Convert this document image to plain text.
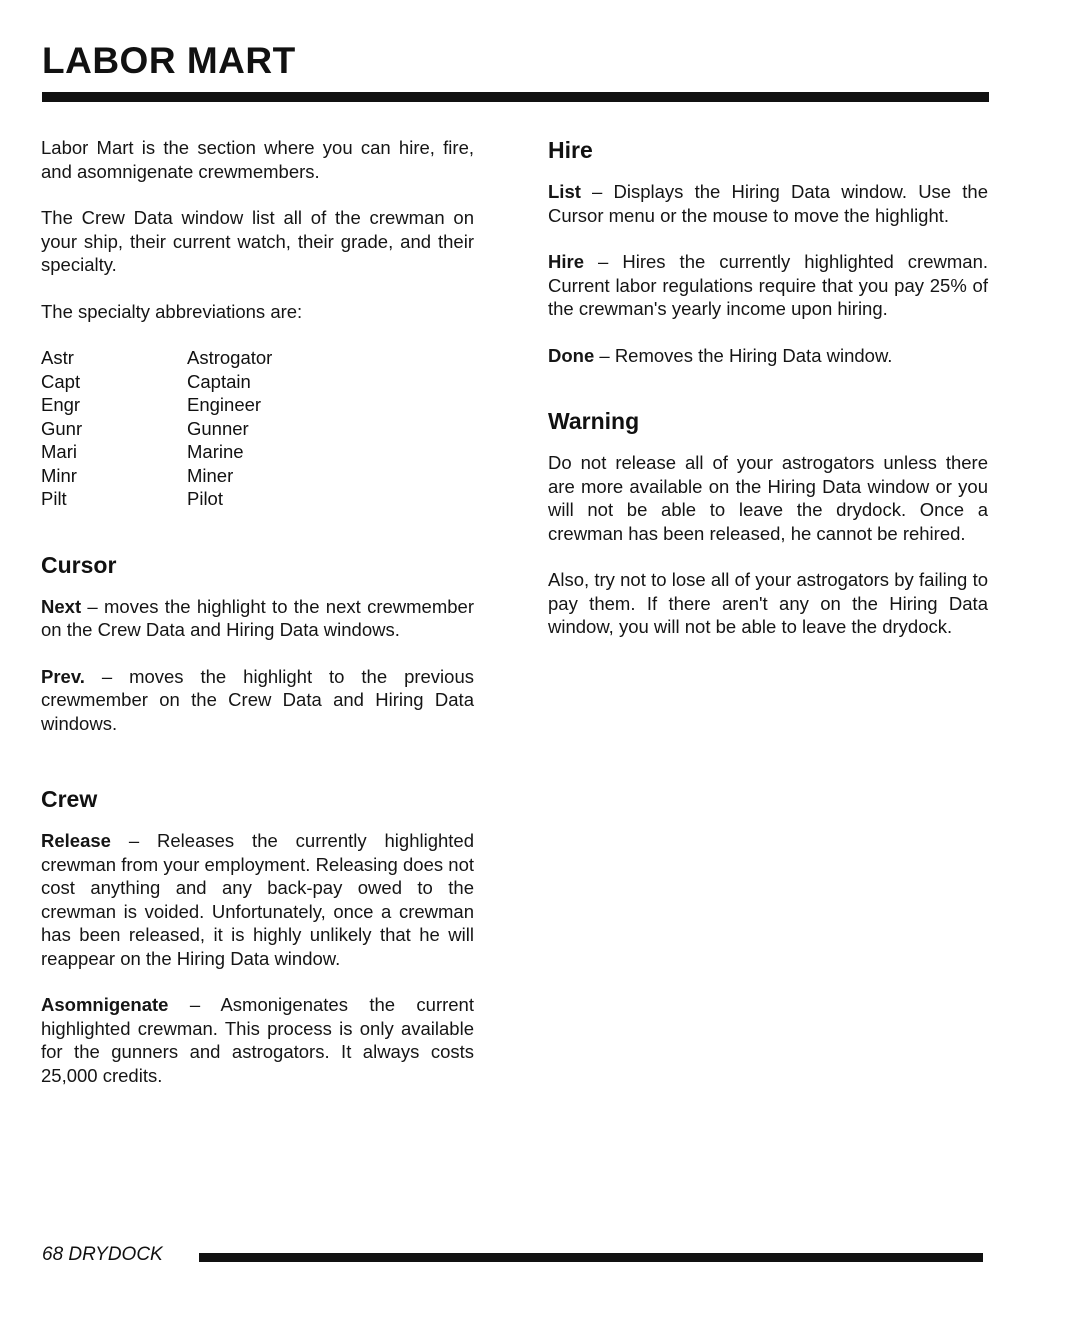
LABOR MART

Labor Mart is the section where you can hire, fire, and asomnigenate crewmembers.

The Crew Data window list all of the crewman on your ship, their current watch, their grade, and their specialty.

The specialty abbreviations are:

Astr	Astrogator
Capt	Captain
Engr	Engineer
Gunr	Gunner
Mari	Marine
Minr	Miner
Pilt	Pilot
Cursor

Next – moves the highlight to the next crewmember on the Crew Data and Hiring Data windows.

Prev. – moves the highlight to the previous crewmember on the Crew Data and Hiring Data windows.

Crew

Release – Releases the currently highlighted crewman from your employment. Releasing does not cost anything and any back-pay owed to the crewman is voided. Unfortunately, once a crewman has been released, it is highly unlikely that he will reappear on the Hiring Data window.

Asomnigenate – Asmonigenates the current highlighted crewman. This process is only available for the gunners and astrogators. It always costs 25,000 credits.

Hire

List – Displays the Hiring Data window. Use the Cursor menu or the mouse to move the highlight.

Hire – Hires the currently highlighted crewman. Current labor regulations require that you pay 25% of the crewman's yearly income upon hiring.

Done – Removes the Hiring Data window.

Warning

Do not release all of your astrogators unless there are more available on the Hiring Data window or you will not be able to leave the drydock. Once a crewman has been released, he cannot be rehired.

Also, try not to lose all of your astrogators by failing to pay them. If there aren't any on the Hiring Data window, you will not be able to leave the drydock.

68 DRYDOCK
